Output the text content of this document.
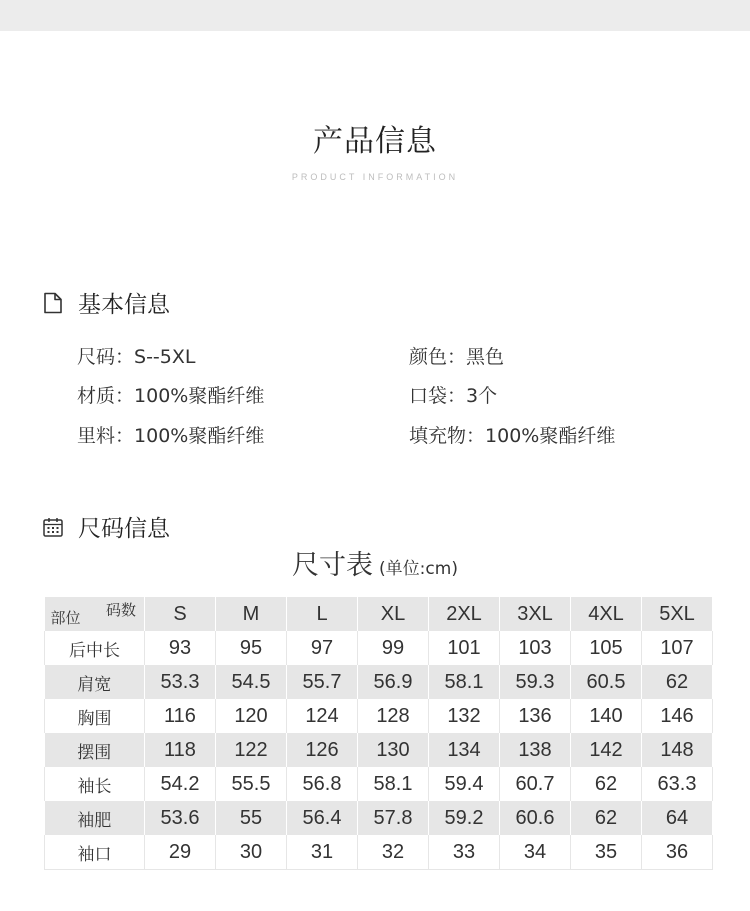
产品信息
PRODUCT INFORMATION
基本信息
尺码：S--5XL	颜色：黑色
材质：100%聚酯纤维	口袋：3个
里料：100%聚酯纤维	填充物：100%聚酯纤维
尺码信息
尺寸表 (单位:cm)
码数
部位	S	M	L	XL	2XL	3XL	4XL	5XL
后中长	93	95	97	99	101	103	105	107
肩宽	53.3	54.5	55.7	56.9	58.1	59.3	60.5	62
胸围	116	120	124	128	132	136	140	146
摆围	118	122	126	130	134	138	142	148
袖长	54.2	55.5	56.8	58.1	59.4	60.7	62	63.3
袖肥	53.6	55	56.4	57.8	59.2	60.6	62	64
袖口	29	30	31	32	33	34	35	36
